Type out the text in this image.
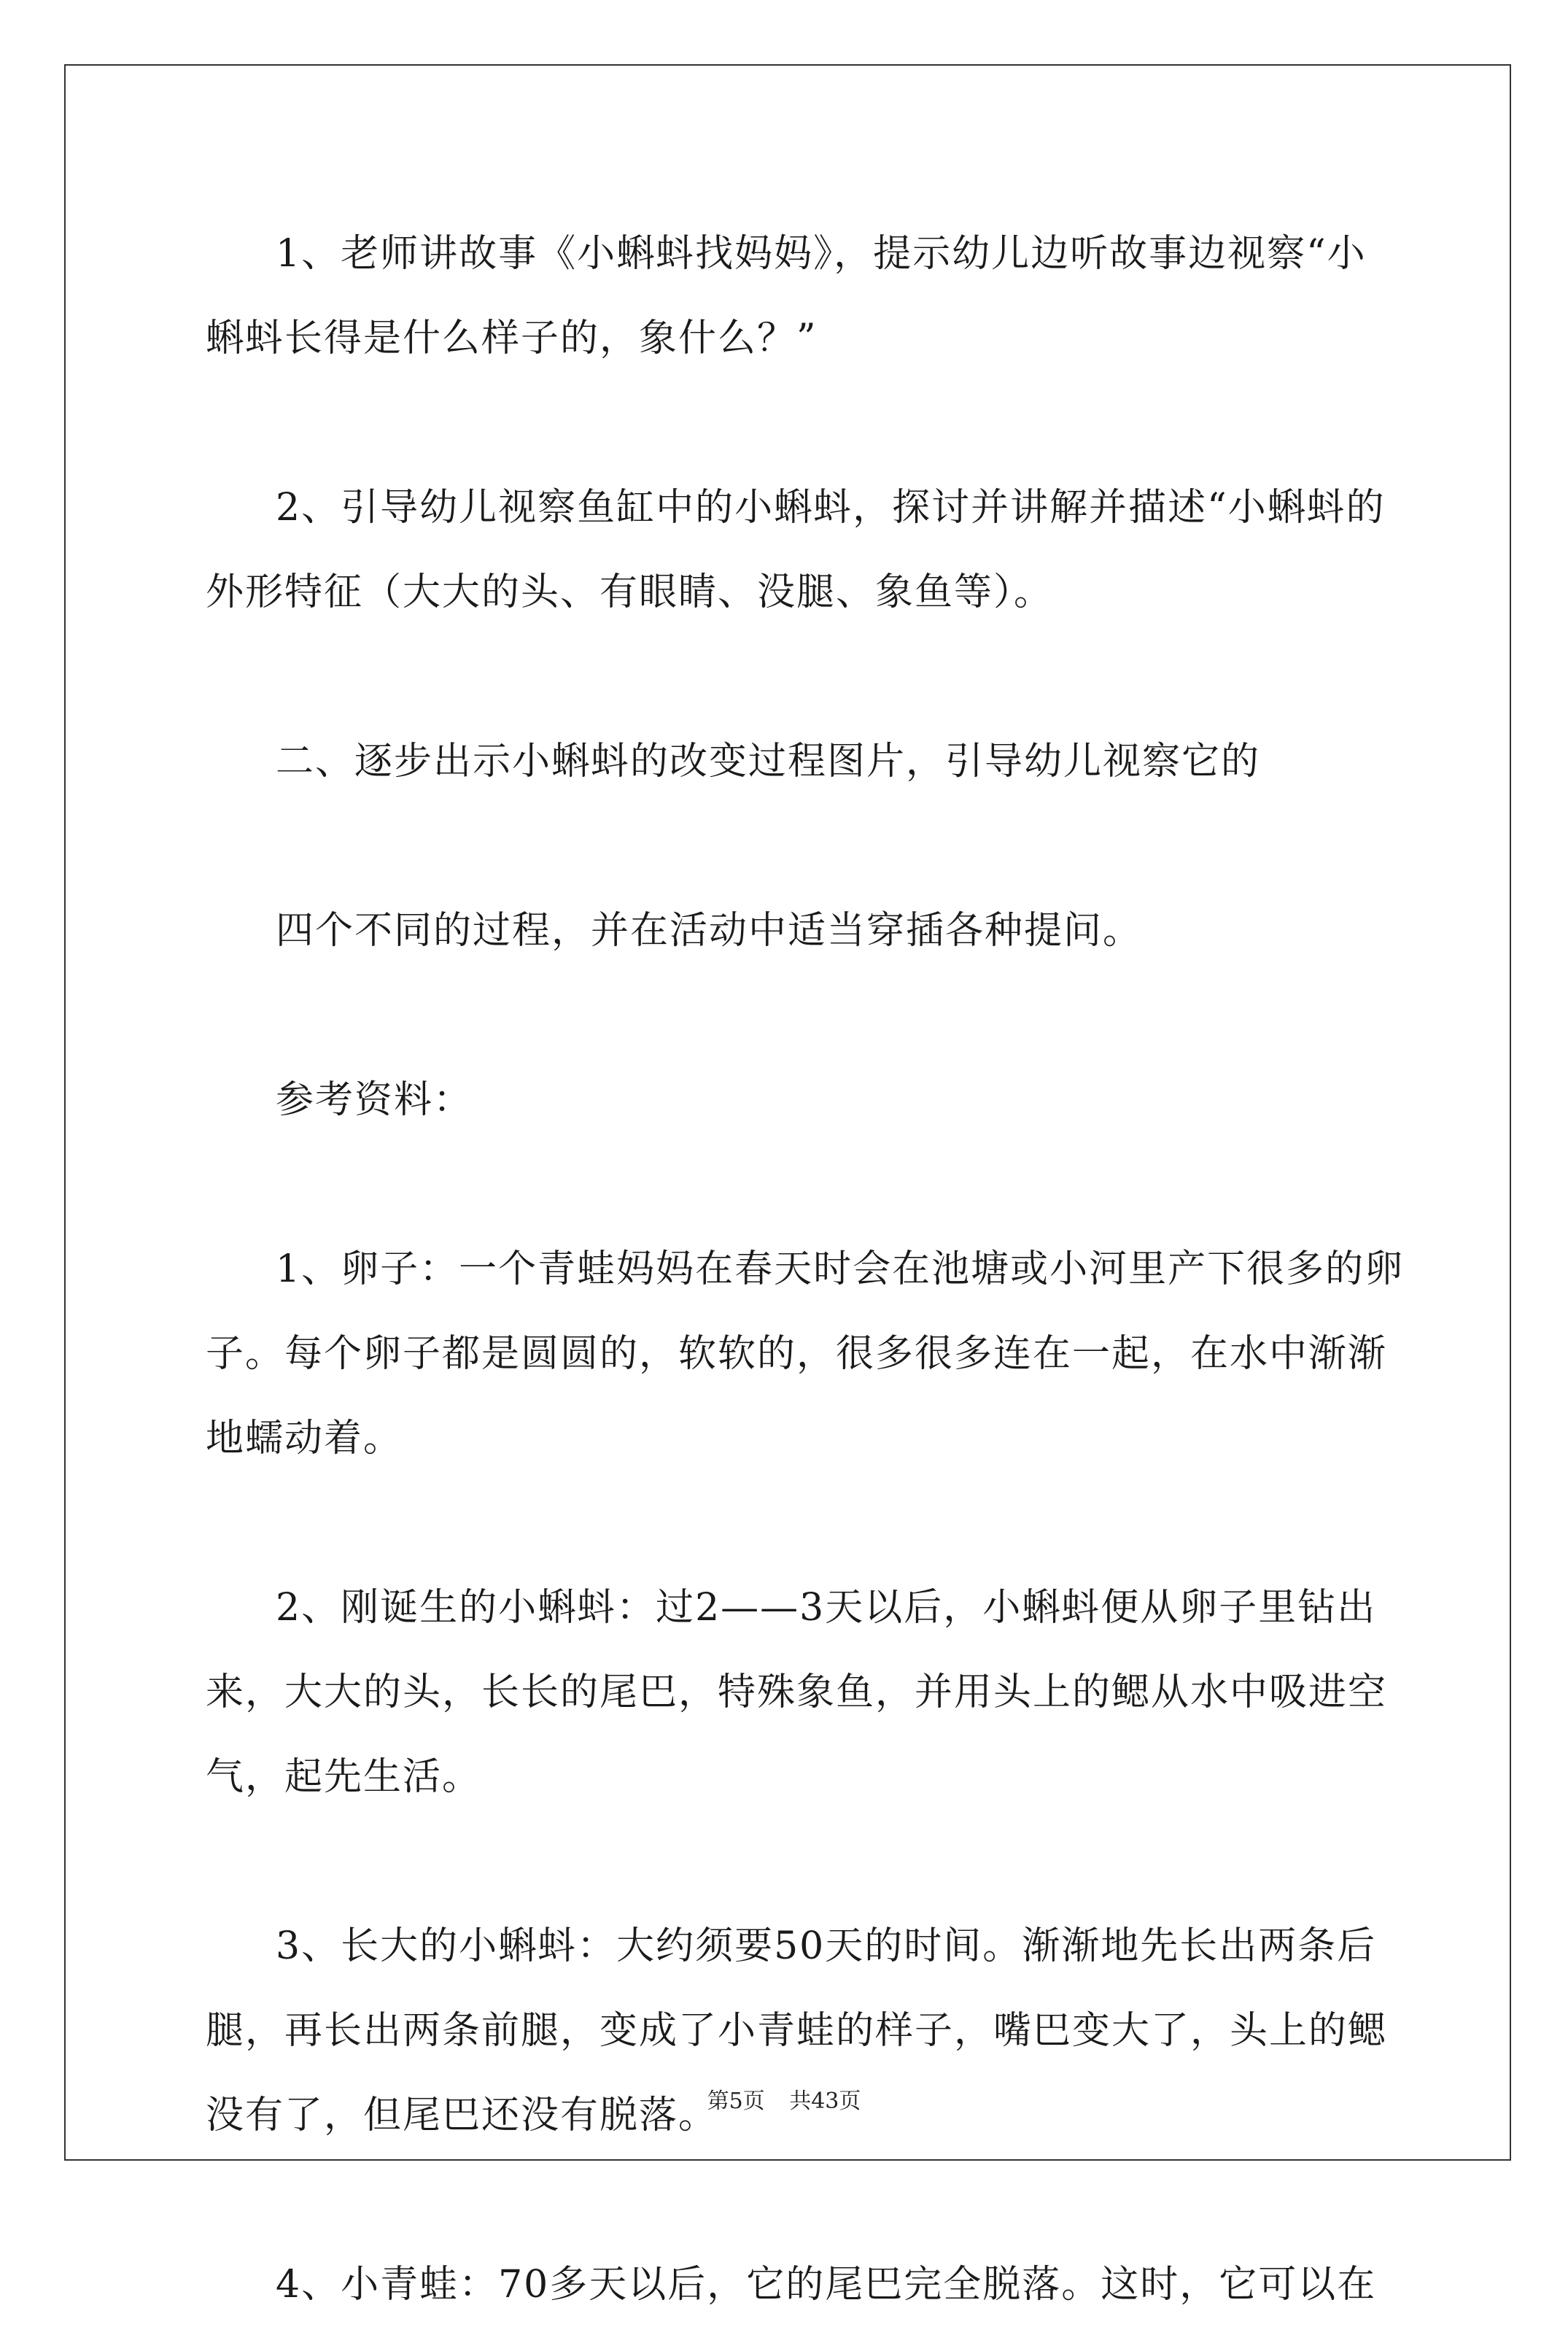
1、老师讲故事《小蝌蚪找妈妈》，提示幼儿边听故事边视察“小
蝌蚪长得是什么样子的，象什么？”
2、引导幼儿视察鱼缸中的小蝌蚪，探讨并讲解并描述“小蝌蚪的
外形特征（大大的头、有眼睛、没腿、象鱼等）。
二、逐步出示小蝌蚪的改变过程图片，引导幼儿视察它的
四个不同的过程，并在活动中适当穿插各种提问。
参考资料：
1、卵子：一个青蛙妈妈在春天时会在池塘或小河里产下很多的卵
子。每个卵子都是圆圆的，软软的，很多很多连在一起，在水中渐渐
地蠕动着。
2、刚诞生的小蝌蚪：过2——3天以后，小蝌蚪便从卵子里钻出
来，大大的头，长长的尾巴，特殊象鱼，并用头上的鳃从水中吸进空
气，起先生活。
3、长大的小蝌蚪：大约须要50天的时间。渐渐地先长出两条后
腿，再长出两条前腿，变成了小青蛙的样子，嘴巴变大了，头上的鳃
没有了，但尾巴还没有脱落。
4、小青蛙：70多天以后，它的尾巴完全脱落。这时，它可以在
第5页 共43页
